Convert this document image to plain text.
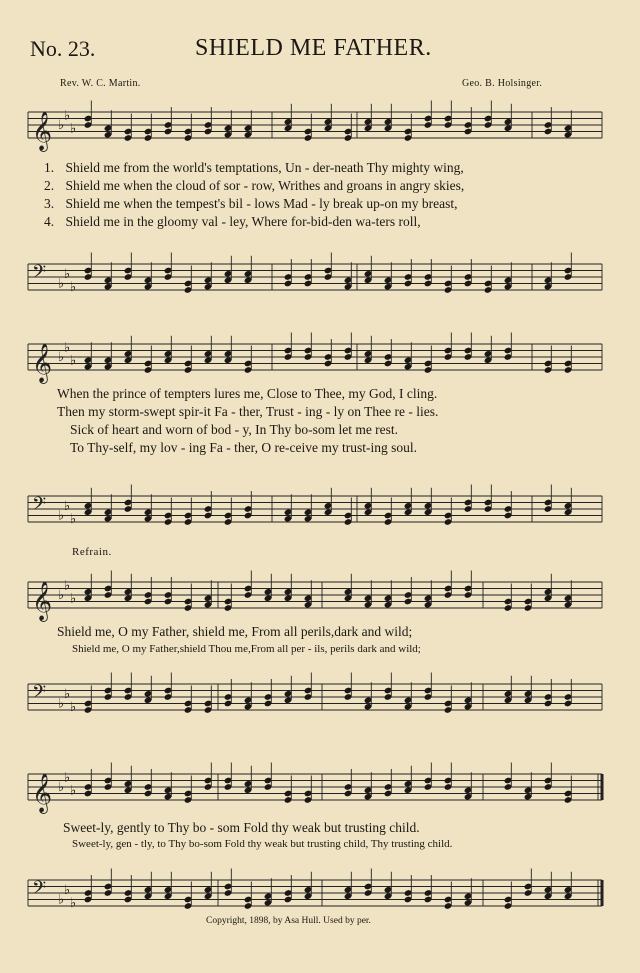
No. 23.	SHIELD ME FATHER.
Rev. W. C. Martin.	Geo. B. Holsinger.
𝄞 ♭
♭
♭
1. Shield me from the world's temptations, Un - der-neath Thy mighty wing,
2. Shield me when the cloud of sor - row, Writhes and groans in angry skies,
3. Shield me when the tempest's bil - lows Mad - ly break up-on my breast,
4. Shield me in the gloomy val - ley, Where for-bid-den wa-ters roll,
𝄢 ♭
♭
♭
𝄞 ♭
♭
♭
When the prince of tempters lures me, Close to Thee, my God, I cling.
Then my storm-swept spir-it Fa - ther, Trust - ing - ly on Thee re - lies.
Sick of heart and worn of bod - y, In Thy bo-som let me rest.
To Thy-self, my lov - ing Fa - ther, O re-ceive my trust-ing soul.
𝄢 ♭
♭
♭
Refrain.
𝄞 ♭
♭
♭
Shield me, O my Father, shield me, From all perils,dark and wild;
Shield me, O my Father,shield Thou me,From all per - ils, perils dark and wild;
𝄢 ♭
♭
♭
𝄞 ♭
♭
♭
Sweet-ly, gently to Thy bo - som Fold thy weak but trusting child.
Sweet-ly, gen - tly, to Thy bo-som Fold thy weak but trusting child, Thy trusting child.
𝄢 ♭
♭
♭
Copyright, 1898, by Asa Hull. Used by per.
